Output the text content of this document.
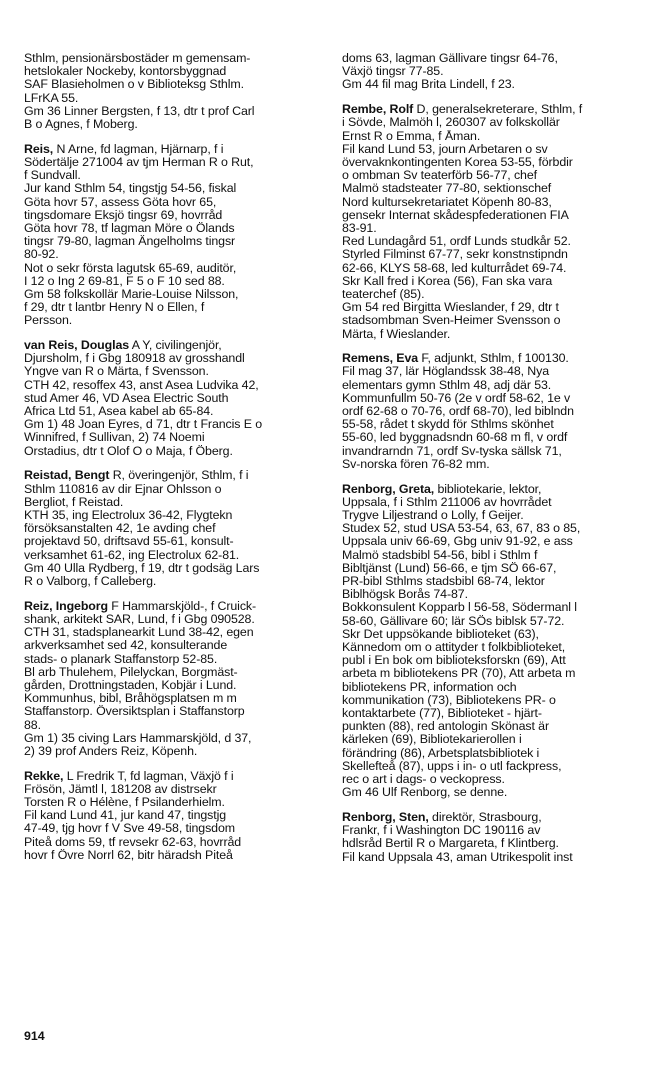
Sthlm, pensionärsbostäder m gemensam-
hetslokaler Nockeby, kontorsbyggnad
SAF Blasieholmen o v Biblioteksg Sthlm.
LFrKA 55.
Gm 36 Linner Bergsten, f 13, dtr t prof Carl
B o Agnes, f Moberg.
Reis, N Arne, fd lagman, Hjärnarp, f i
Södertälje 271004 av tjm Herman R o Rut,
f Sundvall.
Jur kand Sthlm 54, tingstjg 54-56, fiskal
Göta hovr 57, assess Göta hovr 65,
tingsdomare Eksjö tingsr 69, hovrråd
Göta hovr 78, tf lagman Möre o Ölands
tingsr 79-80, lagman Ängelholms tingsr
80-92.
Not o sekr första lagutsk 65-69, auditör,
I 12 o Ing 2 69-81, F 5 o F 10 sed 88.
Gm 58 folkskollär Marie-Louise Nilsson,
f 29, dtr t lantbr Henry N o Ellen, f
Persson.
van Reis, Douglas A Y, civilingenjör,
Djursholm, f i Gbg 180918 av grosshandl
Yngve van R o Märta, f Svensson.
CTH 42, resoffex 43, anst Asea Ludvika 42,
stud Amer 46, VD Asea Electric South
Africa Ltd 51, Asea kabel ab 65-84.
Gm 1) 48 Joan Eyres, d 71, dtr t Francis E o
Winnifred, f Sullivan, 2) 74 Noemi
Orstadius, dtr t Olof O o Maja, f Öberg.
Reistad, Bengt R, överingenjör, Sthlm, f i
Sthlm 110816 av dir Ejnar Ohlsson o
Bergliot, f Reistad.
KTH 35, ing Electrolux 36-42, Flygtekn
försöksanstalten 42, 1e avding chef
projektavd 50, driftsavd 55-61, konsult-
verksamhet 61-62, ing Electrolux 62-81.
Gm 40 Ulla Rydberg, f 19, dtr t godsäg Lars
R o Valborg, f Calleberg.
Reiz, Ingeborg F Hammarskjöld-, f Cruick-
shank, arkitekt SAR, Lund, f i Gbg 090528.
CTH 31, stadsplanearkit Lund 38-42, egen
arkverksamhet sed 42, konsulterande
stads- o planark Staffanstorp 52-85.
Bl arb Thulehem, Pilelyckan, Borgmäst-
gården, Drottningstaden, Kobjär i Lund.
Kommunhus, bibl, Bråhögsplatsen m m
Staffanstorp. Översiktsplan i Staffanstorp
88.
Gm 1) 35 civing Lars Hammarskjöld, d 37,
2) 39 prof Anders Reiz, Köpenh.
Rekke, L Fredrik T, fd lagman, Växjö f i
Frösön, Jämtl l, 181208 av distrsekr
Torsten R o Hélène, f Psilanderhielm.
Fil kand Lund 41, jur kand 47, tingstjg
47-49, tjg hovr f V Sve 49-58, tingsdom
Piteå doms 59, tf revsekr 62-63, hovrråd
hovr f Övre Norrl 62, bitr häradsh Piteå
doms 63, lagman Gällivare tingsr 64-76,
Växjö tingsr 77-85.
Gm 44 fil mag Brita Lindell, f 23.
Rembe, Rolf D, generalsekreterare, Sthlm, f
i Sövde, Malmöh l, 260307 av folkskollär
Ernst R o Emma, f Åman.
Fil kand Lund 53, journ Arbetaren o sv
övervaknkontingenten Korea 53-55, förbdir
o ombman Sv teaterförb 56-77, chef
Malmö stadsteater 77-80, sektionschef
Nord kultursekretariatet Köpenh 80-83,
gensekr Internat skådespfederationen FIA
83-91.
Red Lundagård 51, ordf Lunds studkår 52.
Styrled Filminst 67-77, sekr konstnstipndn
62-66, KLYS 58-68, led kulturrådet 69-74.
Skr Kall fred i Korea (56), Fan ska vara
teaterchef (85).
Gm 54 red Birgitta Wieslander, f 29, dtr t
stadsombman Sven-Heimer Svensson o
Märta, f Wieslander.
Remens, Eva F, adjunkt, Sthlm, f 100130.
Fil mag 37, lär Höglandssk 38-48, Nya
elementars gymn Sthlm 48, adj där 53.
Kommunfullm 50-76 (2e v ordf 58-62, 1e v
ordf 62-68 o 70-76, ordf 68-70), led biblndn
55-58, rådet t skydd för Sthlms skönhet
55-60, led byggnadsndn 60-68 m fl, v ordf
invandrarndn 71, ordf Sv-tyska sällsk 71,
Sv-norska fören 76-82 mm.
Renborg, Greta, bibliotekarie, lektor,
Uppsala, f i Sthlm 211006 av hovrrådet
Trygve Liljestrand o Lolly, f Geijer.
Studex 52, stud USA 53-54, 63, 67, 83 o 85,
Uppsala univ 66-69, Gbg univ 91-92, e ass
Malmö stadsbibl 54-56, bibl i Sthlm f
Bibltjänst (Lund) 56-66, e tjm SÖ 66-67,
PR-bibl Sthlms stadsbibl 68-74, lektor
Biblhögsk Borås 74-87.
Bokkonsulent Kopparb l 56-58, Södermanl l
58-60, Gällivare 60; lär SÖs biblsk 57-72.
Skr Det uppsökande biblioteket (63),
Kännedom om o attityder t folkbiblioteket,
publ i En bok om biblioteksforskn (69), Att
arbeta m bibliotekens PR (70), Att arbeta m
bibliotekens PR, information och
kommunikation (73), Bibliotekens PR- o
kontaktarbete (77), Biblioteket - hjärt-
punkten (88), red antologin Skönast är
kärleken (69), Bibliotekarierollen i
förändring (86), Arbetsplatsbibliotek i
Skellefteå (87), upps i in- o utl fackpress,
rec o art i dags- o veckopress.
Gm 46 Ulf Renborg, se denne.
Renborg, Sten, direktör, Strasbourg,
Frankr, f i Washington DC 190116 av
hdlsråd Bertil R o Margareta, f Klintberg.
Fil kand Uppsala 43, aman Utrikespolit inst
914
